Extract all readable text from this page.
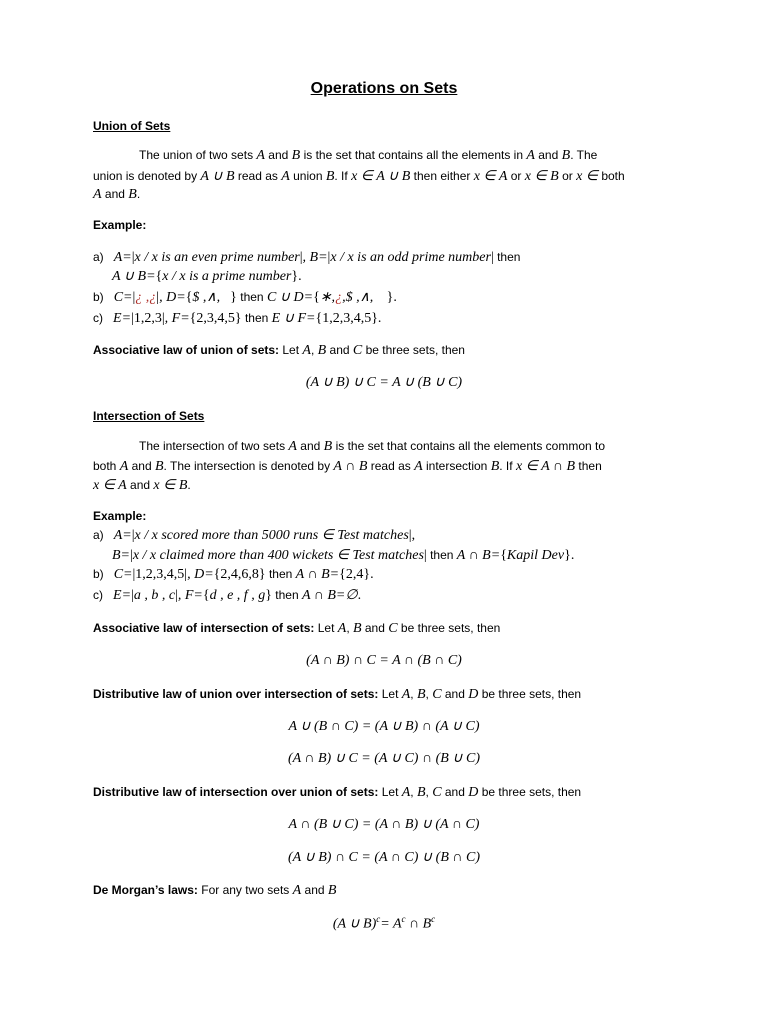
Operations on Sets
Union of Sets
The union of two sets A and B is the set that contains all the elements in A and B. The
union is denoted by A ∪ B read as A union B. If x ∈ A ∪ B then either x ∈ A or x ∈ B or x ∈ both
A and B.
Example:
a) A=|x / x is an even prime number|, B=|x / x is an odd prime number| then
A ∪ B={x / x is a prime number}.
b) C=|¿ ,¿|, D={$ ,∧, } then C ∪ D={∗,¿,$ ,∧, }.
c) E=|1,2,3|, F={2,3,4,5} then E ∪ F={1,2,3,4,5}.
Associative law of union of sets: Let A, B and C be three sets, then
(A ∪ B) ∪ C = A ∪ (B ∪ C)
Intersection of Sets
The intersection of two sets A and B is the set that contains all the elements common to
both A and B. The intersection is denoted by A ∩ B read as A intersection B. If x ∈ A ∩ B then
x ∈ A and x ∈ B.
Example:
a) A=|x / x scored more than 5000 runs ∈ Test matches|,
B=|x / x claimed more than 400 wickets ∈ Test matches| then A ∩ B={Kapil Dev}.
b) C=|1,2,3,4,5|, D={2,4,6,8} then A ∩ B={2,4}.
c) E=|a , b , c|, F={d , e , f , g} then A ∩ B=∅.
Associative law of intersection of sets: Let A, B and C be three sets, then
(A ∩ B) ∩ C = A ∩ (B ∩ C)
Distributive law of union over intersection of sets: Let A, B, C and D be three sets, then
A ∪ (B ∩ C) = (A ∪ B) ∩ (A ∪ C)
(A ∩ B) ∪ C = (A ∪ C) ∩ (B ∪ C)
Distributive law of intersection over union of sets: Let A, B, C and D be three sets, then
A ∩ (B ∪ C) = (A ∩ B) ∪ (A ∩ C)
(A ∪ B) ∩ C = (A ∩ C) ∪ (B ∩ C)
De Morgan’s laws: For any two sets A and B
(A ∪ $B)^c= A^c$ ∩ $B^c$
